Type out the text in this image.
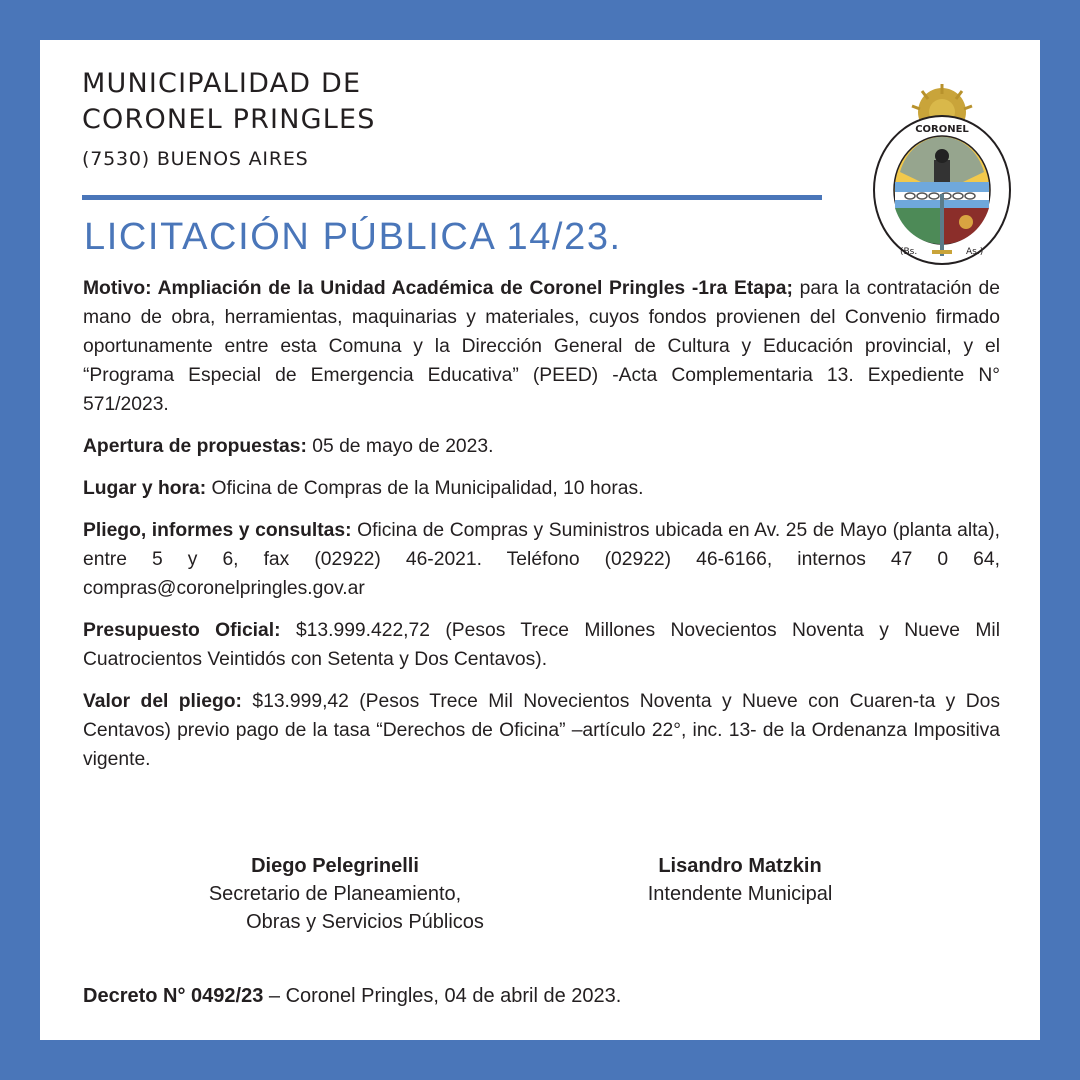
MUNICIPALIDAD DE
CORONEL PRINGLES
(7530) BUENOS AIRES
LICITACIÓN PÚBLICA 14/23.
CORONEL
(Bs.	As.)

Motivo: Ampliación de la Unidad Académica de Coronel Pringles -1ra Etapa; para la contratación de mano de obra, herramientas, maquinarias y materiales, cuyos fondos provienen del Convenio firmado oportunamente entre esta Comuna y la Dirección General de Cultura y Educación provincial, y el “Programa Especial de Emergencia Educativa” (PEED) -Acta Complementaria 13. Expediente N° 571/2023.

Apertura de propuestas: 05 de mayo de 2023.

Lugar y hora: Oficina de Compras de la Municipalidad, 10 horas.

Pliego, informes y consultas: Oficina de Compras y Suministros ubicada en Av. 25 de Mayo (planta alta), entre 5 y 6, fax (02922) 46-2021. Teléfono (02922) 46-6166, internos 47 0 64, compras@coronelpringles.gov.ar

Presupuesto Oficial: $13.999.422,72 (Pesos Trece Millones Novecientos Noventa y Nueve Mil Cuatrocientos Veintidós con Setenta y Dos Centavos).

Valor del pliego: $13.999,42 (Pesos Trece Mil Novecientos Noventa y Nueve con Cuaren-ta y Dos Centavos) previo pago de la tasa “Derechos de Oficina” –artículo 22°, inc. 13- de la Ordenanza Impositiva vigente.

Diego Pelegrinelli
Secretario de Planeamiento,
Obras y Servicios Públicos
Lisandro Matzkin
Intendente Municipal
Decreto N° 0492/23 – Coronel Pringles, 04 de abril de 2023.
